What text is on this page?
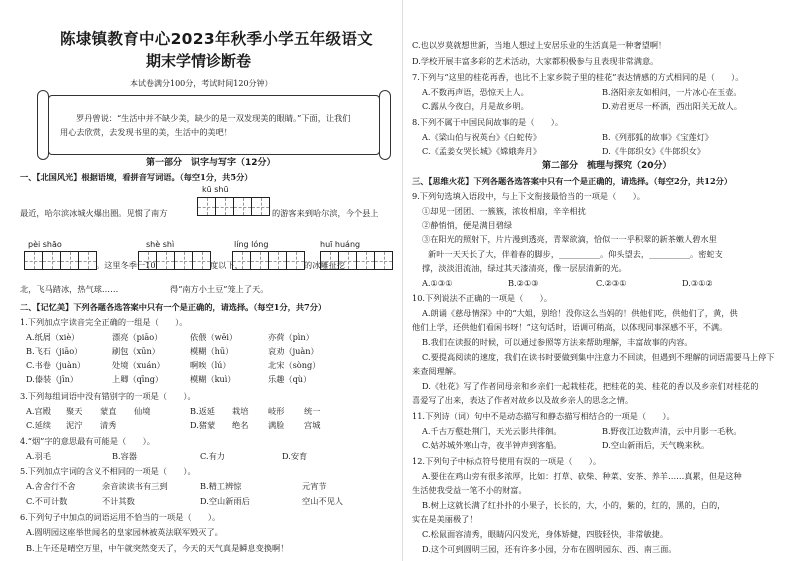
陈埭镇教育中心2023年秋季小学五年级语文
期末学情诊断卷
本试卷满分100分，考试时间120分钟）
罗丹曾说：“生活中并不缺少美，缺少的是一双发现美的眼睛。”下面，让我们
用心去欣赏，去发现书里的美，生活中的美吧！
第一部分　识字与写字（12分）
一、【北国风光】根据语境，看拼音写词语。（每空1分，共5分）
kū shū
最近，哈尔滨冰城火爆出圈。见惯了南方	的游客来到哈尔滨，今个县上
pèi shāo	shè shì	líng lóng	huī huáng
。这里冬季一10	度以下，	的冰雕扯挖
北，飞马踏冰，热气球……	得“南方小土豆”笼上了天。
二、【记忆美】下列各题各选答案中只有一个是正确的，请选择。（每空1分，共7分）
1.下列加点字读音完全正确的一组是（　　）。
A.纸屑（xiè）	漂亮（piāo）	依偎（wēi）	亦荷（pìn）
B.飞石（jiāo）	刷包（xūn）	模糊（hū）	哀劝（juàn）
C.书卷（juàn）	处境（xuán）	啊唉（lú）	北宋（sòng）
D.傣装（jīn）	上卿（qīng）	模糊（kuì）	乐趣（qù）
3.下列每组词语中没有错别字的一项是（　　）。
A.宫殿 聚天 蒙直 仙境	B.返延 栽培 岐形 统一
C.延续 泥泞 清秀	D.猪蒙 绝名 满脸 宫城
4.“烟”字的意思最有可能是（　　）。
A.羽毛	B.容器	C.有力	D.安育
5.下列加点字词的含义不相同的一项是（　　）。
A.舍舍行不舍	余音读读书有三到	B.精工辨惊	元宵节
C.不可计数	不计其数	D.空山新雨后	空山不见人
6.下列句子中加点的词语运用不恰当的一项是（　　）。
A.圆明园这座举世闻名的皇家园林被英法联军毁灭了。
B.上午还是晴空万里，中午就突然变天了，今天的天气真是瞬息变换啊！
C.也以岁莫就想世新，当地人想过上安居乐业的生活真是一种奢望啊！
D.学校开展丰富多彩的艺术活动，大家都积极参与且表现非常满意。
7.下列与“这里的桂花再香，也比不上家乡院子里的桂花”表达情感的方式相同的是（　　）。
A.不数再声语，恐惊天上人。	B.洛阳亲友如相问，一片冰心在玉壶。
C.露从今夜白，月是故乡明。	D.劝君更尽一杯酒，西出阳关无故人。
8.下列不属于中国民间故事的是（　　）。
A.《梁山伯与祝英台》《白蛇传》	B.《列那狐的故事》《宝莲灯》
C.《孟姜女哭长城》《嫦娥奔月》	D.《牛郎织女》《牛郎织女》
第二部分　梳理与探究（20分）
三、【思维火花】下列各题各选答案中只有一个是正确的，请选择。（每空2分，共12分）
9.下列句选填入语段中，与上下文衔接最恰当的一项是（　　）。
①却见一团团、一簇簇，浓妆相扇，辛辛相扰
②静悄悄，便是满目碧绿
③在阳光的照射下，片片漫到透亮，青翠欲滴，恰似一一乎积翠的新茶嫩人碧水里
新叶一天天长了大，伴着春的脚步，__________。仰头望去，__________。密蛇支
撑，淡淡泪流油，绿过其天漆清亮，像一层层清新的光。
A.①③①	B.②①③	C.②③①	D.③①②
10.下列说法不正确的一项是（　　）。
A.朗诵《慈母情深》中的“大姐，别给！没你这么当妈的！供他们吃，供他们了，黄，供
他们上学，还供他们看闲书呀！”这句话时，语调可稍高，以体现同事深感不平，不满。
B.我们在读报的时候，可以通过参照等方法来帮助理解，丰富故事的内容。
C.要提高阅读的速度，我们在读书时要做到集中注意力不回读，但遇到不理解的词语需要马上停下
来查阅理解。
D.《牡花》写了作者同母亲和乡亲们一起栽桂花，把桂花的美、桂花的香以及乡亲们对桂花的
喜爱写了出来，表达了作者对故乡以及故乡亲人的思念之情。
11.下列诗（词）句中不是动态描写和静态描写相结合的一项是（　　）。
A.千古万壑赴荆门，天光云影共徘徊。	B.野夜江边数声清，云中月影一毛秋。
C.姑苏城外寒山寺，夜半钟声到客船。	D.空山新雨后，天气晚来秋。
12.下列句子中标点符号使用有误的一项是（　　）。
A.要住在鸡山旁有很多浓厚，比如：打草、砍柴、种菜、安茶、养羊……真累，但是这种
生活使我受益一笔不小的财富。
B.树上这就长满了红扑扑的小果子，长长的，大，小的，紫的，红的，黑的，白的，
实在是美丽极了！
C.松鼠面容清秀，眼睛闪闪发光，身体矫健，四肢轻快，非常敏捷。
D.这个可到圆明三园，还有许多小园，分布在圆明园东、西、南三面。
